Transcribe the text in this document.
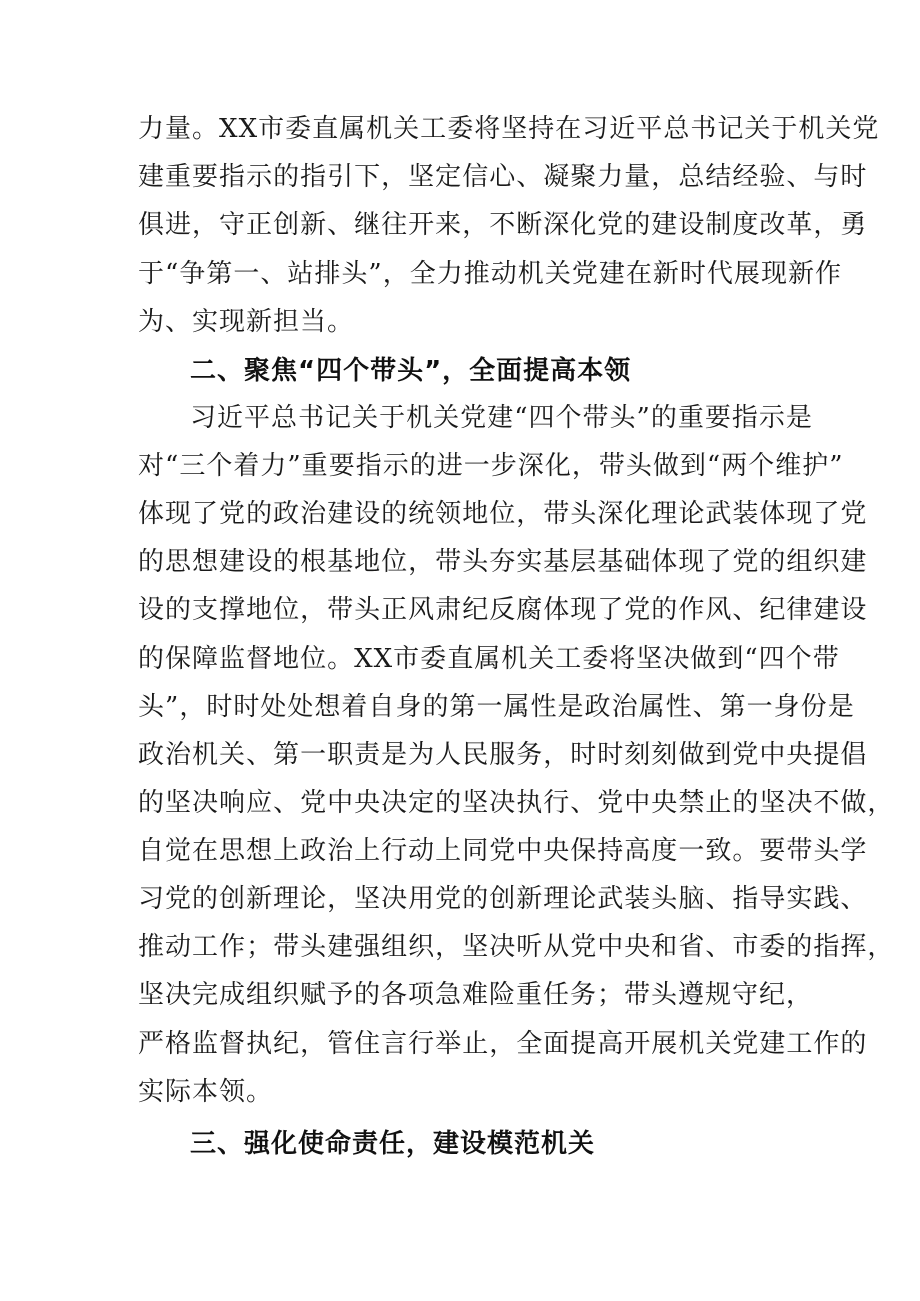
力 量 。 X X 市 委 直 属 机 关 工 委 将 坚 持 在 习 近 平 总 书 记 关 于 机 关 党
建 重 要 指 示 的 指 引 下 ， 坚 定 信 心 、 凝 聚 力 量 ， 总 结 经 验 、 与 时
俱 进 ， 守 正 创 新 、 继 往 开 来 ， 不 断 深 化 党 的 建 设 制 度 改 革 ， 勇
于 “ 争 第 一 、 站 排 头 ” ， 全 力 推 动 机 关 党 建 在 新 时 代 展 现 新 作
为、实现新担当。
二、聚焦“四个带头”，全面提高本领
习 近 平 总 书 记 关 于 机 关 党 建 “ 四 个 带 头 ” 的 重 要 指 示 是
对 “ 三 个 着 力 ” 重 要 指 示 的 进 一 步 深 化 ， 带 头 做 到 “ 两 个 维 护 ”
体 现 了 党 的 政 治 建 设 的 统 领 地 位 ， 带 头 深 化 理 论 武 装 体 现 了 党
的 思 想 建 设 的 根 基 地 位 ， 带 头 夯 实 基 层 基 础 体 现 了 党 的 组 织 建
设 的 支 撑 地 位 ， 带 头 正 风 肃 纪 反 腐 体 现 了 党 的 作 风 、 纪 律 建 设
的 保 障 监 督 地 位 。 X X 市 委 直 属 机 关 工 委 将 坚 决 做 到 “ 四 个 带
头 ” ， 时 时 处 处 想 着 自 身 的 第 一 属 性 是 政 治 属 性 、 第 一 身 份 是
政 治 机 关 、 第 一 职 责 是 为 人 民 服 务 ， 时 时 刻 刻 做 到 党 中 央 提 倡
的 坚 决 响 应 、 党 中 央 决 定 的 坚 决 执 行 、 党 中 央 禁 止 的 坚 决 不 做 ，
自 觉 在 思 想 上 政 治 上 行 动 上 同 党 中 央 保 持 高 度 一 致 。 要 带 头 学
习 党 的 创 新 理 论 ， 坚 决 用 党 的 创 新 理 论 武 装 头 脑 、 指 导 实 践 、
推 动 工 作 ； 带 头 建 强 组 织 ， 坚 决 听 从 党 中 央 和 省 、 市 委 的 指 挥 ，
坚决完成组织赋予的各项急难险重任务；带头遵规守纪，
严 格 监 督 执 纪 ， 管 住 言 行 举 止 ， 全 面 提 高 开 展 机 关 党 建 工 作 的
实际本领。
三、强化使命责任，建设模范机关
